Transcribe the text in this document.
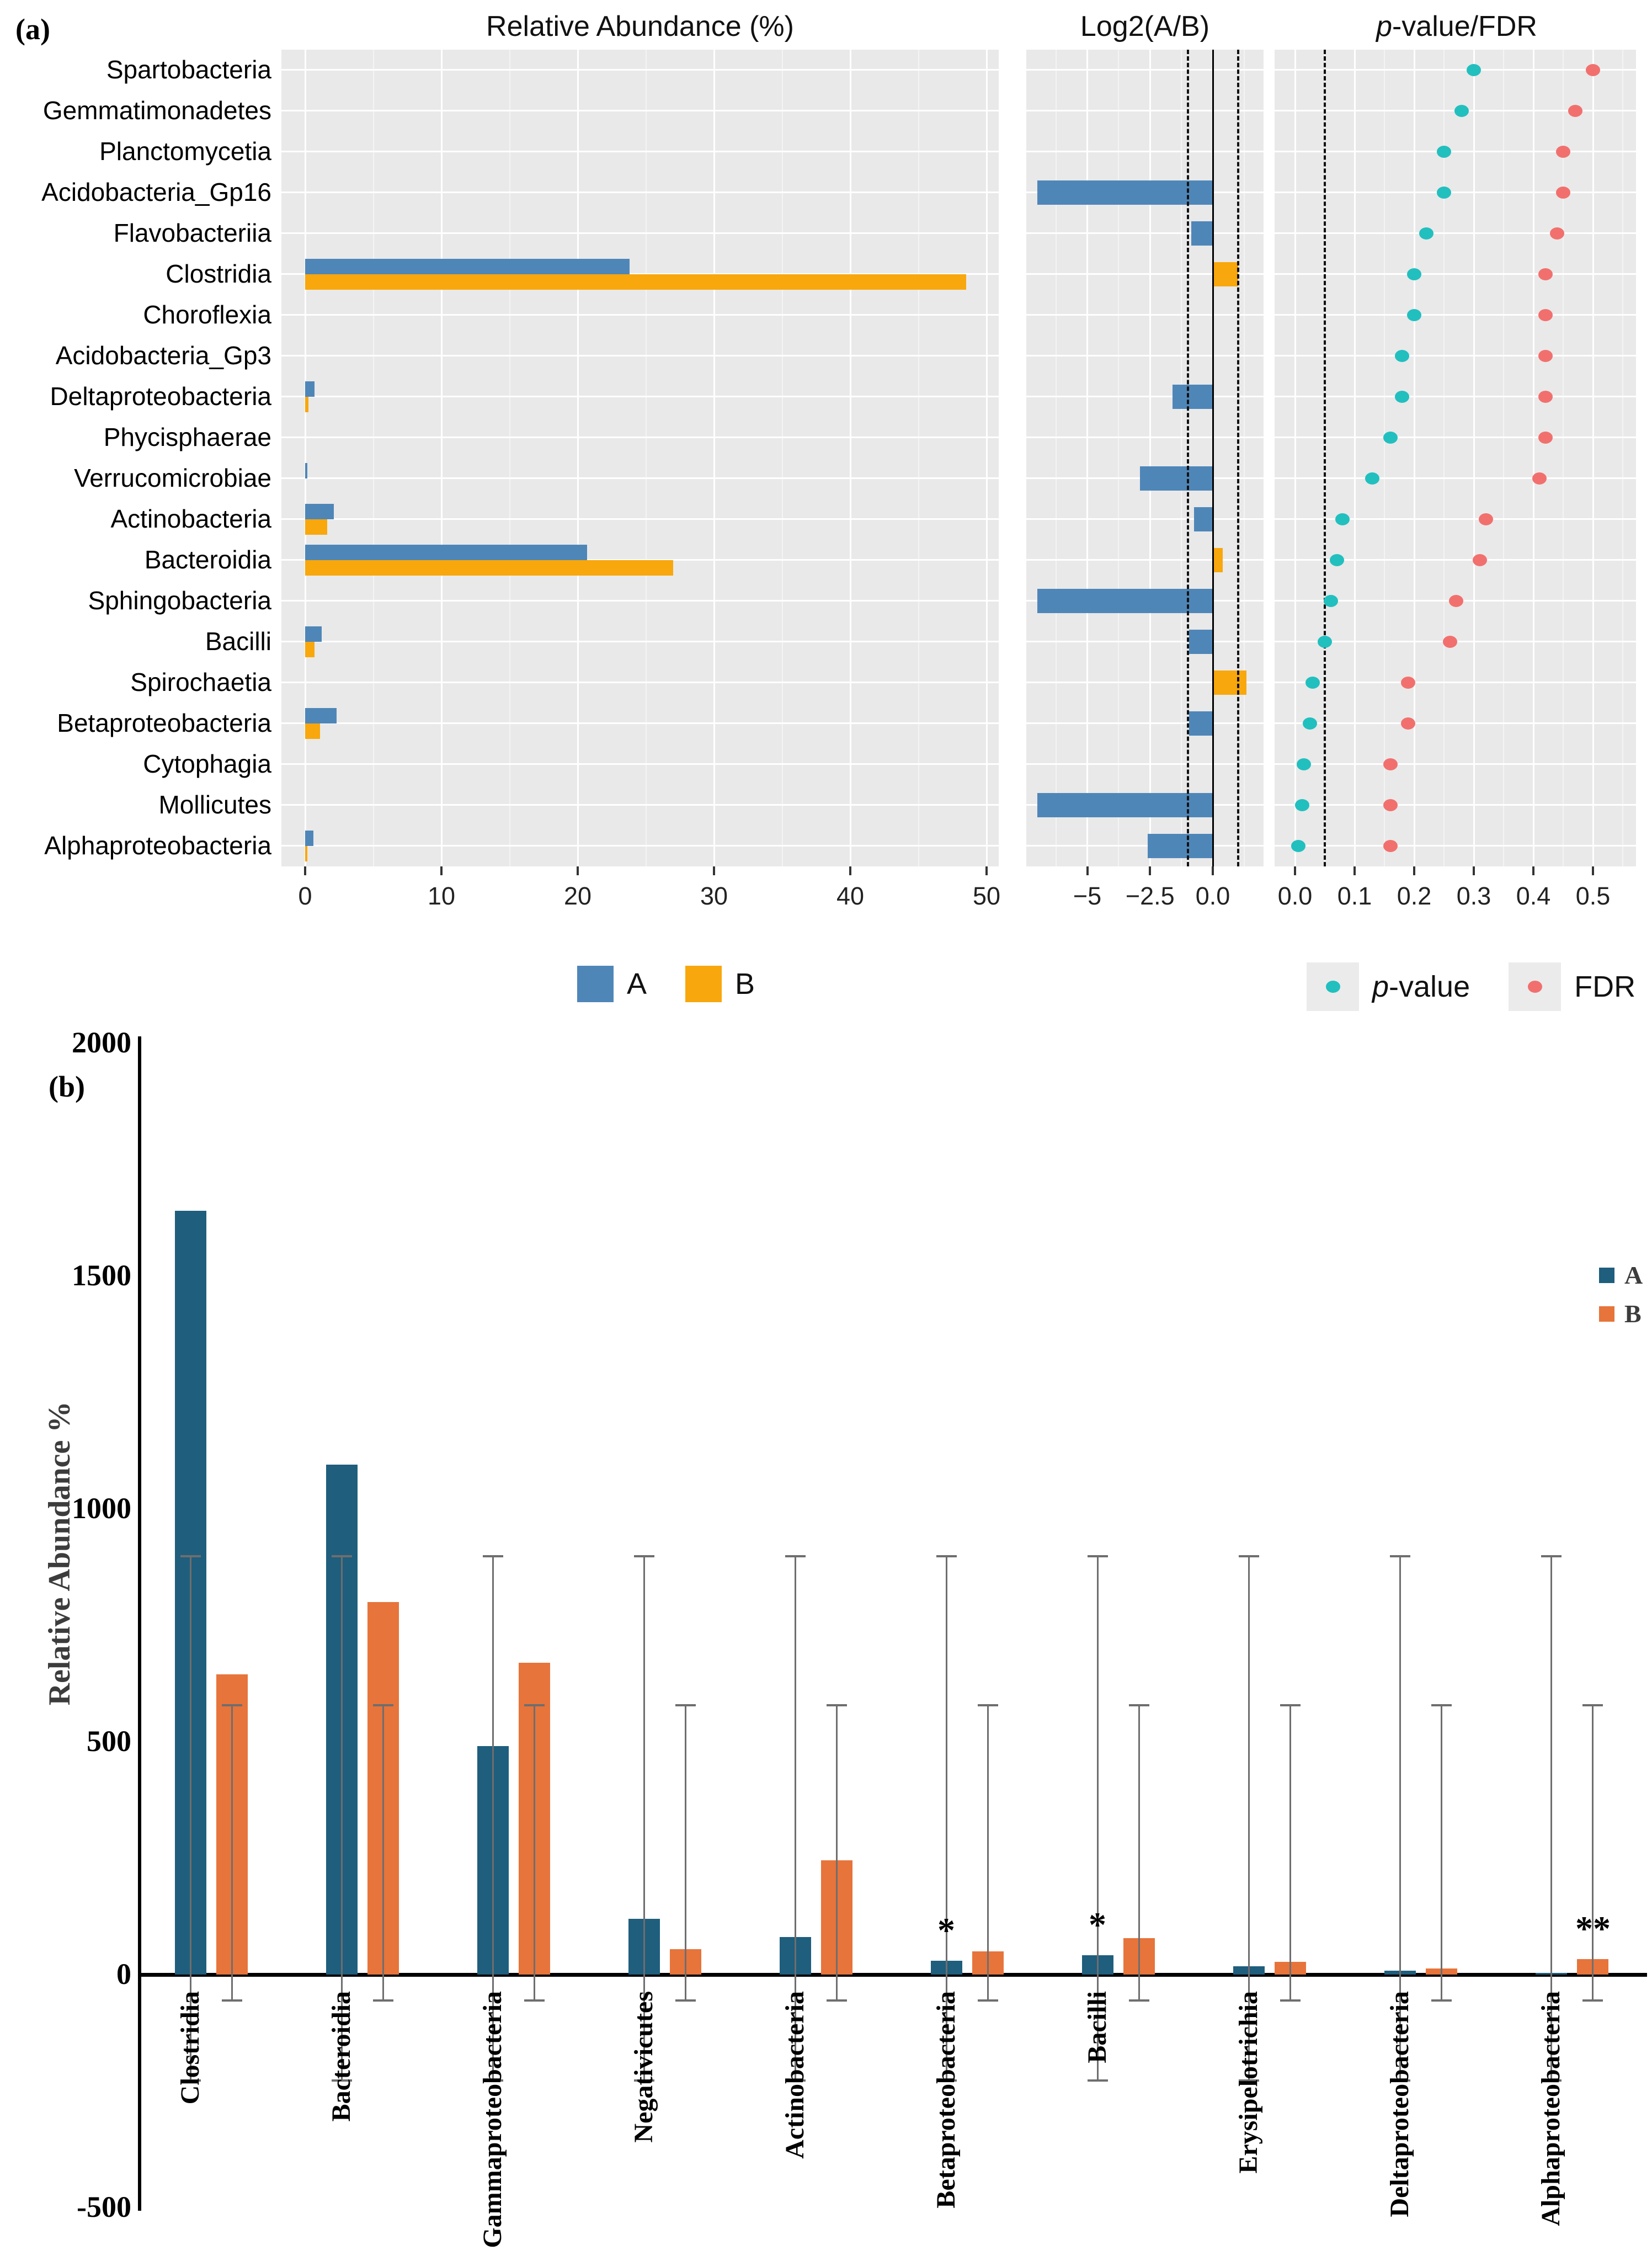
(a)	Relative Abundance (%)	Log2(A/B)	p-value/FDR
Spartobacteria
Gemmatimonadetes
Planctomycetia
Acidobacteria_Gp16
Flavobacteriia
Clostridia
Choroflexia
Acidobacteria_Gp3
Deltaproteobacteria
Phycisphaerae
Verrucomicrobiae
Actinobacteria
Bacteroidia
Sphingobacteria
Bacilli
Spirochaetia
Betaproteobacteria
Cytophagia
Mollicutes
Alphaproteobacteria
0	10	20	30	40	50	−5 −2.5 0.0 0.0 0.1 0.2 0.3 0.4 0.5
A	B	p-value	FDR
(b)
2000
1500
1000
500
0
-500
Relative Abundance %
Clostridia	Bacteroidia	Gammaproteobacteria	Negativicutes	Actinobacteria	Betaproteobacteria	Bacilli	Erysipelotrichia	Deltaproteobacteria	Alphaproteobacteria
*	*	**
A
B
